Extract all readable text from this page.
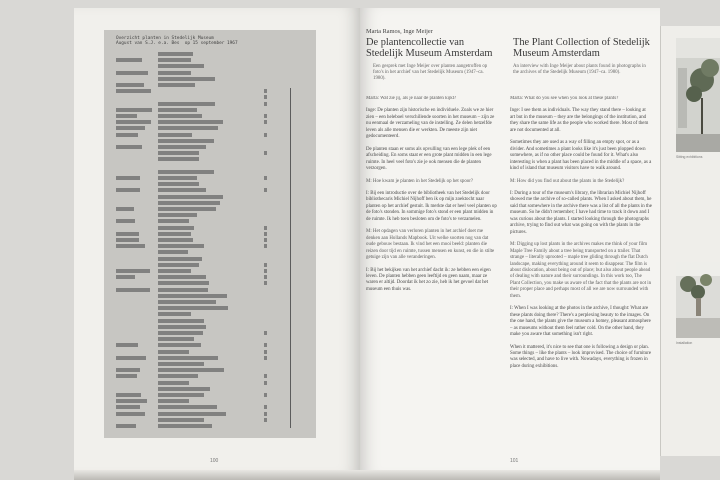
Overzicht planten in Stedelijk Museum
August van S.J. e.a. Bes  op 15 september 1967
100
Marta Ramos, Inge Meijer
De plantencollectie van Stedelijk Museum Amsterdam
The Plant Collection of Stedelijk Museum Amsterdam
Een gesprek met Inge Meijer over planten aangetroffen op foto's in het archief van het Stedelijk Museum (1947–ca. 1980).
An interview with Inge Meijer about plants found in photographs in the archives of the Stedelijk Museum (1947–ca. 1980).

Marta: Wat zie jij, als je naar de planten kijkt?

Inge: De planten zijn historische en individuele. Zoals we ze hier zien – een heleboel verschillende soorten in het museum – zijn ze nu eenmaal de verzameling van de instelling. Ze delen hetzelfde leven als alle mensen die er werkten. De meeste zijn niet gedocumenteerd.

De planten staan er soms als opvulling van een lege plek of een afscheiding. En soms staat er een grote plant midden in een lege ruimte. In heel veel foto's zie je ook mensen die de planten verzorgen.

M: Hoe kwam je planten in het Stedelijk op het spoor?

I: Bij een introductie over de bibliotheek van het Stedelijk door bibliothecaris Michiel Nijhoff ben ik op mijn zoektocht naar planten op het archief gestuit. Ik merkte dat er heel veel planten op de foto's stonden. In sommige foto's stond er een plant midden in de ruimte. Ik heb toen besloten om de foto's te verzamelen.

M: Het opdagen van verloren planten in het archief doet me denken aan Hollands Mapbook. Uit welke soorten nog van dat oude gebouw bestaan. Ik vind het een mooi beeld: planten die reizen door tijd en ruimte, tussen mensen en kunst, en die in stilte getuige zijn van alle veranderingen.

I: Bij het bekijken van het archief dacht ik: ze hebben een eigen leven. De planten hebben geen leeftijd en geen naam, maar ze waren er altijd. Doordat ik het zo zie, heb ik het gevoel dat het museum een thuis was.

Marta: What do you see when you look at these plants?

Inge: I see them as individuals. The way they stand there – looking at art but in the museum – they are the belongings of the institution, and they share the same life as the people who worked there. Most of them are not documented at all.

Sometimes they are used as a way of filling an empty spot, or as a divider. And sometimes a plant looks like it's just been plopped down somewhere, as if no other place could be found for it. What's also interesting is when a plant has been placed in the middle of a space, as a kind of island that museum visitors have to walk around.

M: How did you find out about the plants in the Stedelijk?

I: During a tour of the museum's library, the librarian Michiel Nijhoff showed me the archive of so-called plants. When I asked about them, he said that somewhere in the archive there was a list of all the plants in the museum. So he didn't remember; I have had time to track it down and I was curious about the plants. I started looking through the photographs archive, trying to find out what was going on with the plants in the pictures.

M: Digging up lost plants in the archives makes me think of your film Maple Tree Family about a tree being transported on a trailer. That strange – literally uprooted – maple tree gliding through the flat Dutch landscape, making everything around it seem to disappear. The film is about dislocation, about being out of place; but also about people ahead of dealing with nature and their surroundings. In this work too, The Plant Collection, you make us aware of the fact that the plants are not in their proper place and perhaps most of all we are now surrounded with them.

I: When I was looking at the photos in the archive, I thought: What are these plants doing there? There's a perplexing beauty to the images. On the one hand, the plants give the museum a homey, pleasant atmosphere – as museums without them feel rather cold. On the other hand, they make you aware that something isn't right.

When it mattered, it's nice to see that one is following a design or plan. Some things – like the plants – look improvised. The choice of furniture was selected, and have to live with. Nowadays, everything is frozen in place during exhibitions.

101
Sitting exhibitions
Installation
